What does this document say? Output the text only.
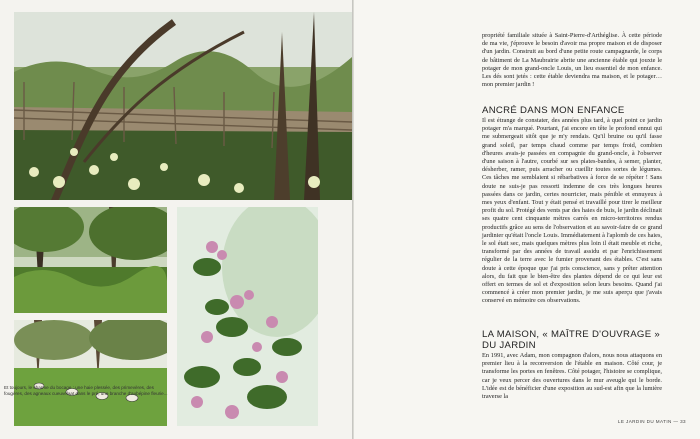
Et toujours, le charme du bocage : une haie plessée, des primevères, des fougères, des agneaux cueuvélaat dans le pré, une branche d'aubépine fleurie...

propriété familiale située à Saint-Pierre-d'Arthéglise. À cette période de ma vie, j'éprouve le besoin d'avoir ma propre maison et de disposer d'un jardin. Construit au bord d'une petite route campagnarde, le corps de bâtiment de La Maubrairie abrite une ancienne étable qui jouxte le potager de mon grand-oncle Louis, un lieu essentiel de mon enfance. Les dés sont jetés : cette étable deviendra ma maison, et le potager… mon premier jardin !

ANCRÉ DANS MON ENFANCE

Il est étrange de constater, des années plus tard, à quel point ce jardin potager m'a marqué. Pourtant, j'ai encore en tête le profond ennui qui me submergeait sitôt que je m'y rendais. Qu'il bruine ou qu'il fasse grand soleil, par temps chaud comme par temps froid, combien d'heures avais-je passées en compagnie du grand-oncle, à l'observer d'une saison à l'autre, courbé sur ses plates-bandes, à semer, planter, désherber, ramer, puis arracher ou cueillir toutes sortes de légumes. Ces tâches me semblaient si rébarbatives à force de se répéter ! Sans doute ne suis-je pas ressorti indemne de ces très longues heures passées dans ce jardin, certes nourricier, mais pénible et ennuyeux à mes yeux d'enfant. Tout y était pensé et travaillé pour tirer le meilleur profit du sol. Protégé des vents par des haies de buis, le jardin déclinait ses quatre cent cinquante mètres carrés en micro-territoires rendus productifs grâce au sens de l'observation et au savoir-faire de ce grand jardinier qu'était l'oncle Louis. Immédiatement à l'aplomb de ces haies, le sol était sec, mais quelques mètres plus loin il était meuble et riche, transformé par des années de travail assidu et par l'enrichissement régulier de la terre avec le fumier provenant des étables. C'est sans doute à cette époque que j'ai pris conscience, sans y prêter attention alors, du fait que le bien-être des plantes dépend de ce qui leur est offert en termes de sol et d'exposition selon leurs besoins. Quand j'ai commencé à créer mon premier jardin, je me suis aperçu que j'avais conservé en mémoire ces observations.

LA MAISON, « MAÎTRE D'OUVRAGE » DU JARDIN

En 1991, avec Adam, mon compagnon d'alors, nous nous attaquons en premier lieu à la reconversion de l'étable en maison. Côté cour, je transforme les portes en fenêtres. Côté potager, l'histoire se complique, car je veux percer des ouvertures dans le mur aveugle qui le borde. L'idée est de bénéficier d'une exposition au sud-est afin que la lumière traverse la

LE JARDIN DU MATIN — 33
